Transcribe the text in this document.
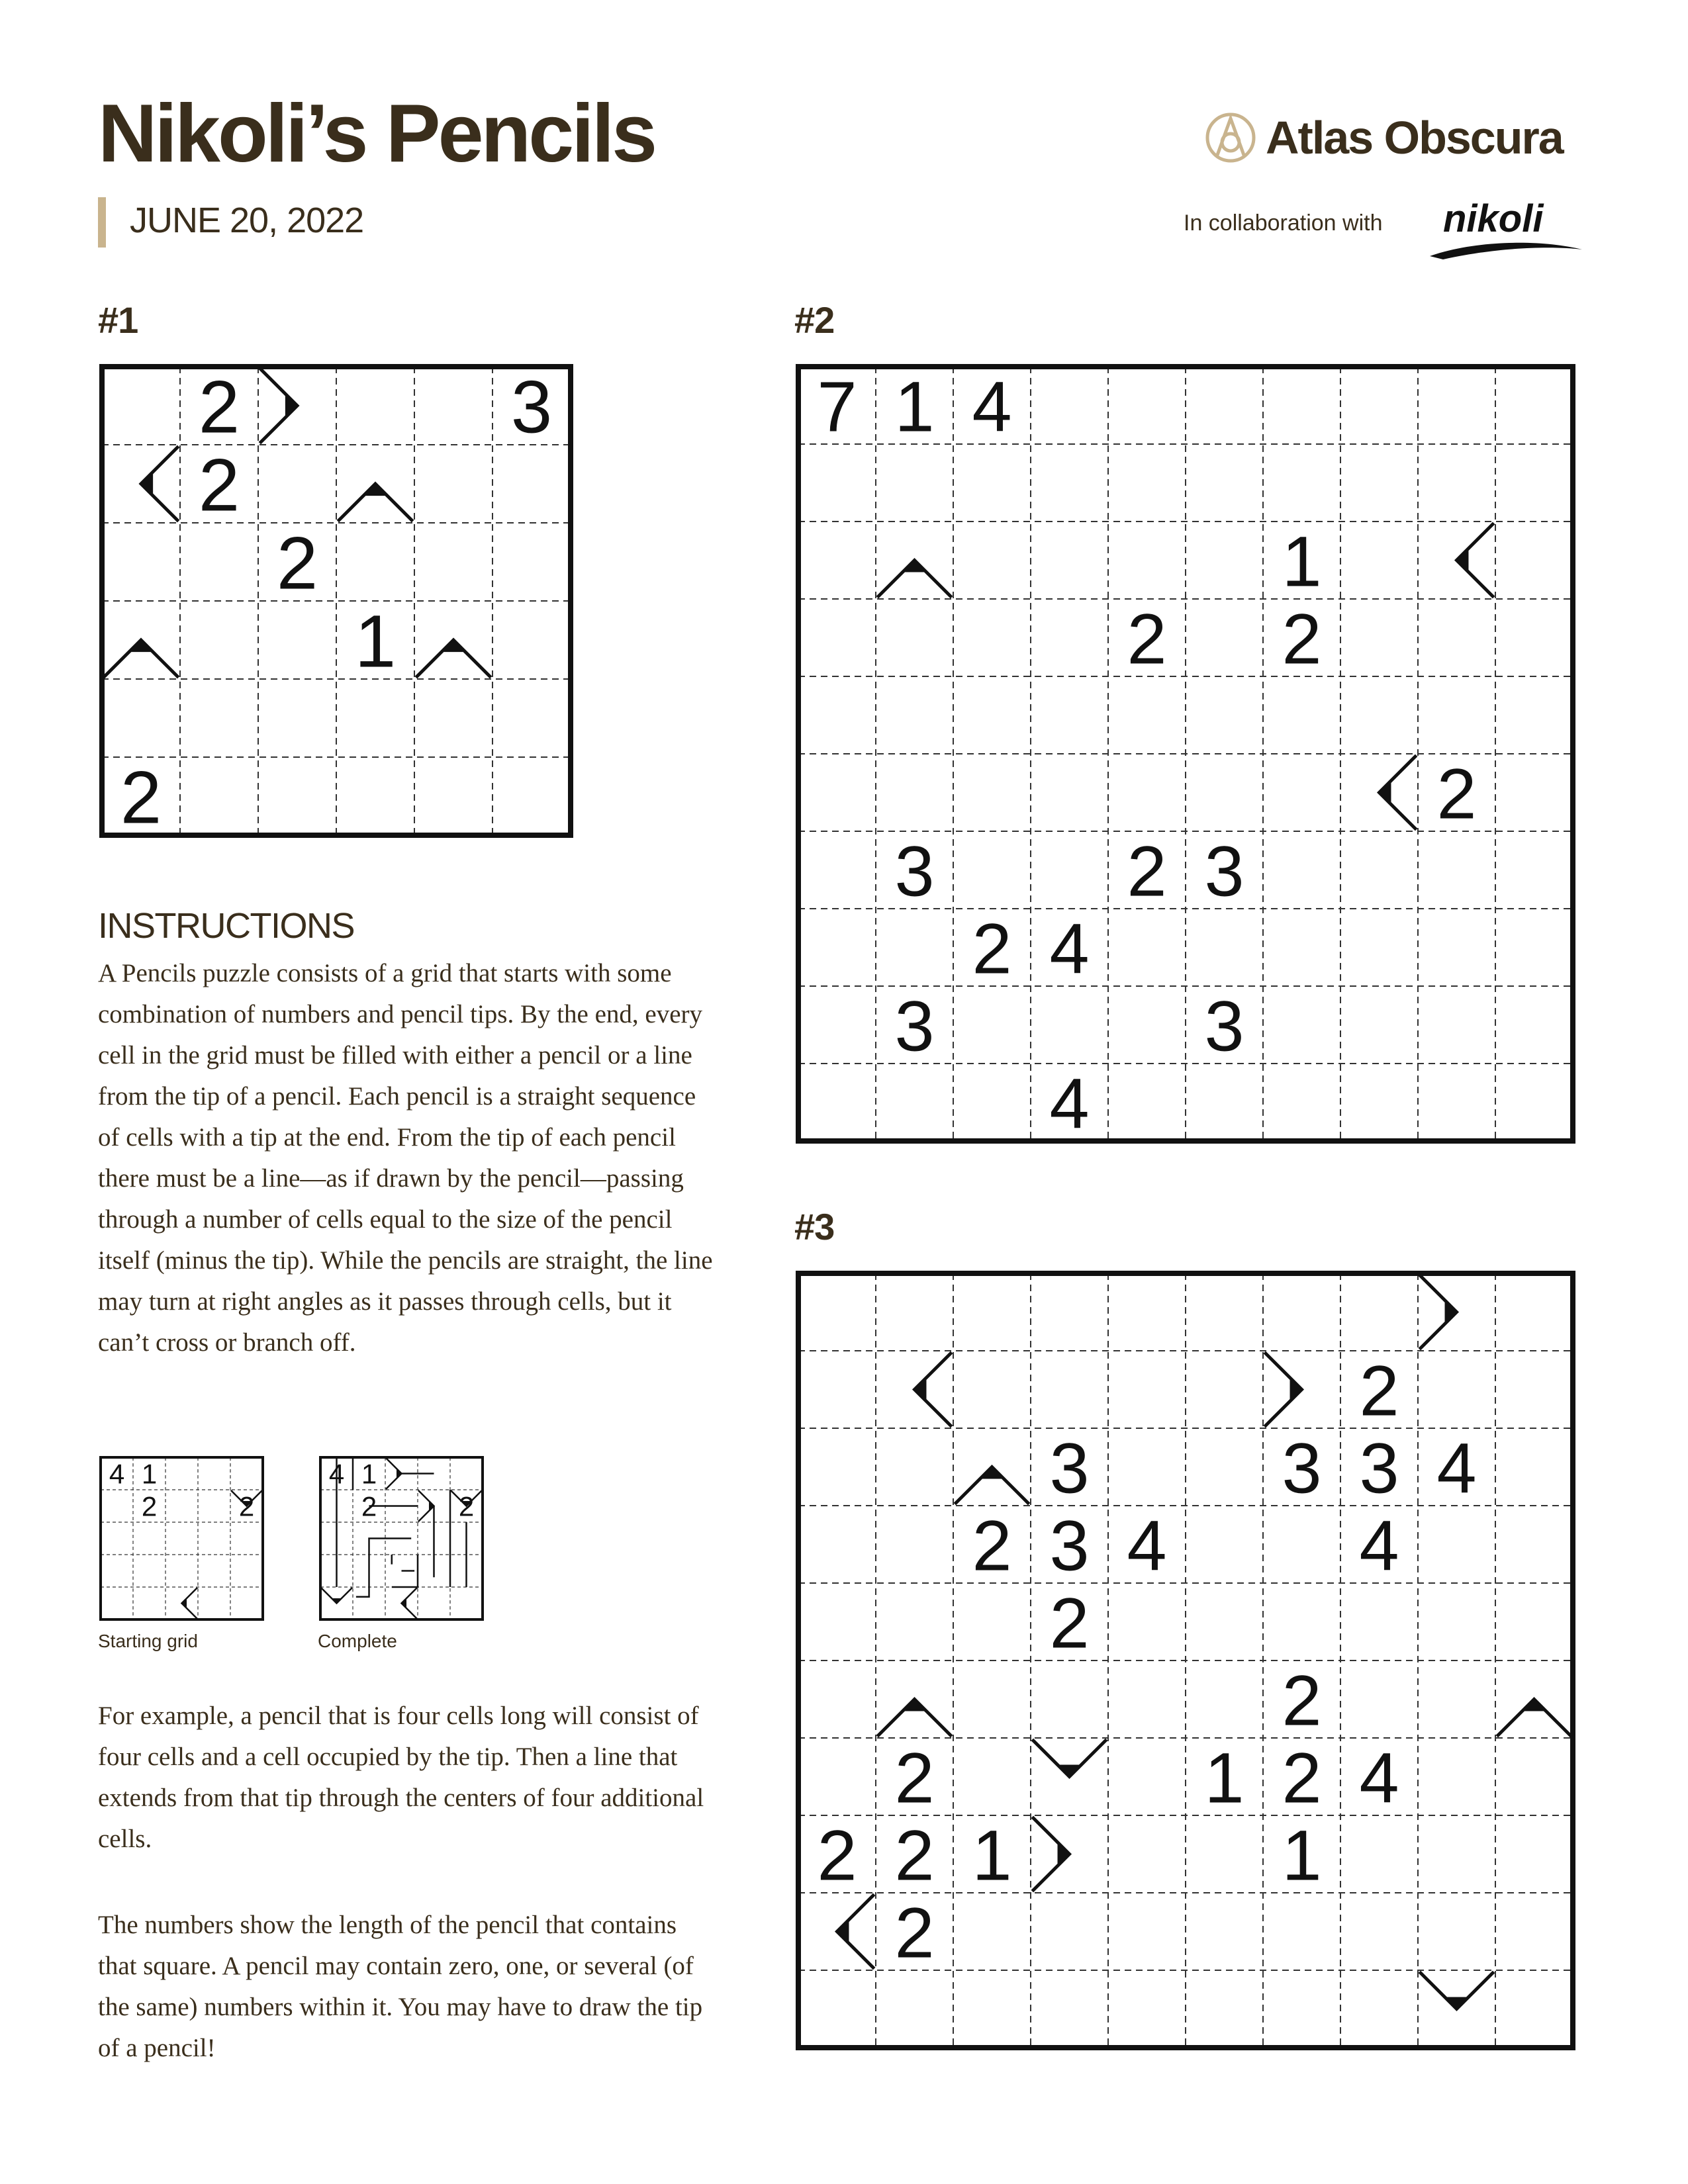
Nikoli’s Pencils
JUNE 20, 2022
Atlas Obscura
In collaboration with nikoli
#1	#2
#3
INSTRUCTIONS
A Pencils puzzle consists of a grid that starts with some combination of numbers and pencil tips. By the end, every cell in the grid must be filled with either a pencil or a line from the tip of a pencil. Each pencil is a straight sequence of cells with a tip at the end. From the tip of each pencil there must be a line—as if drawn by the pencil—passing through a number of cells equal to the size of the pencil itself (minus the tip). While the pencils are straight, the line may turn at right angles as it passes through cells, but it can’t cross or branch off.
Starting grid	Complete
For example, a pencil that is four cells long will consist of four cells and a cell occupied by the tip. Then a line that extends from that tip through the centers of four additional cells.
The numbers show the length of the pencil that contains that square. A pencil may contain zero, one, or several (of the same) numbers within it. You may have to draw the tip of a pencil!
